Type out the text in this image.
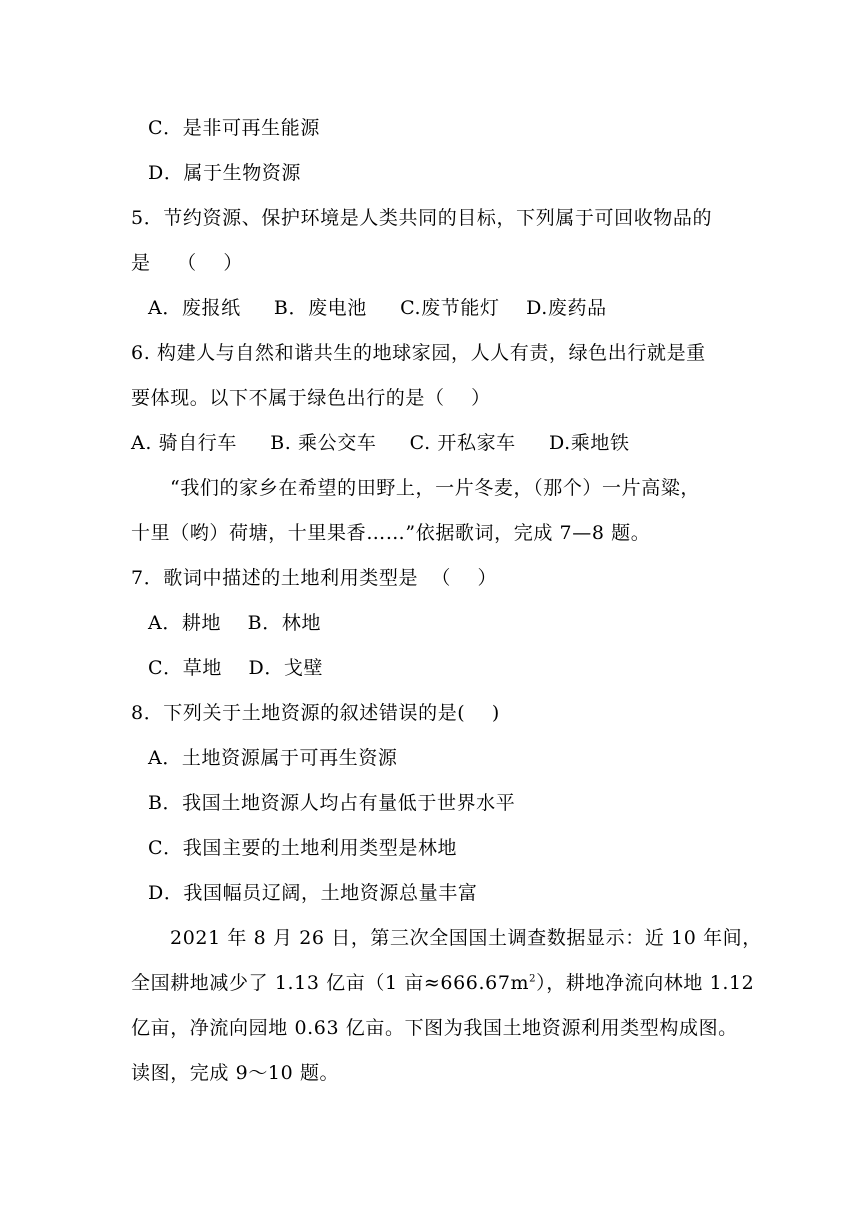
C．是非可再生能源
D．属于生物资源
5．节约资源、保护环境是人类共同的目标，下列属于可回收物品的
是    （    ）
A．废报纸     B．废电池     C.废节能灯    D.废药品
6. 构建人与自然和谐共生的地球家园，人人有责，绿色出行就是重
要体现。以下不属于绿色出行的是（    ）
A. 骑自行车     B. 乘公交车     C. 开私家车     D.乘地铁
“我们的家乡在希望的田野上，一片冬麦，（那个）一片高粱，
十里（哟）荷塘，十里果香……”依据歌词，完成 7—8 题。
7．歌词中描述的土地利用类型是  （    ）
A．耕地    B．林地
C．草地    D．戈壁
8．下列关于土地资源的叙述错误的是(    )
A．土地资源属于可再生资源
B．我国土地资源人均占有量低于世界水平
C．我国主要的土地利用类型是林地
D．我国幅员辽阔，土地资源总量丰富
2021 年 8 月 26 日，第三次全国国土调查数据显示：近 10 年间，
全国耕地减少了 1.13 亿亩（1 亩$\approx 666.67m^2$），耕地净流向林地 1.12
亿亩，净流向园地 0.63 亿亩。下图为我国土地资源利用类型构成图。
读图，完成 9～10 题。
